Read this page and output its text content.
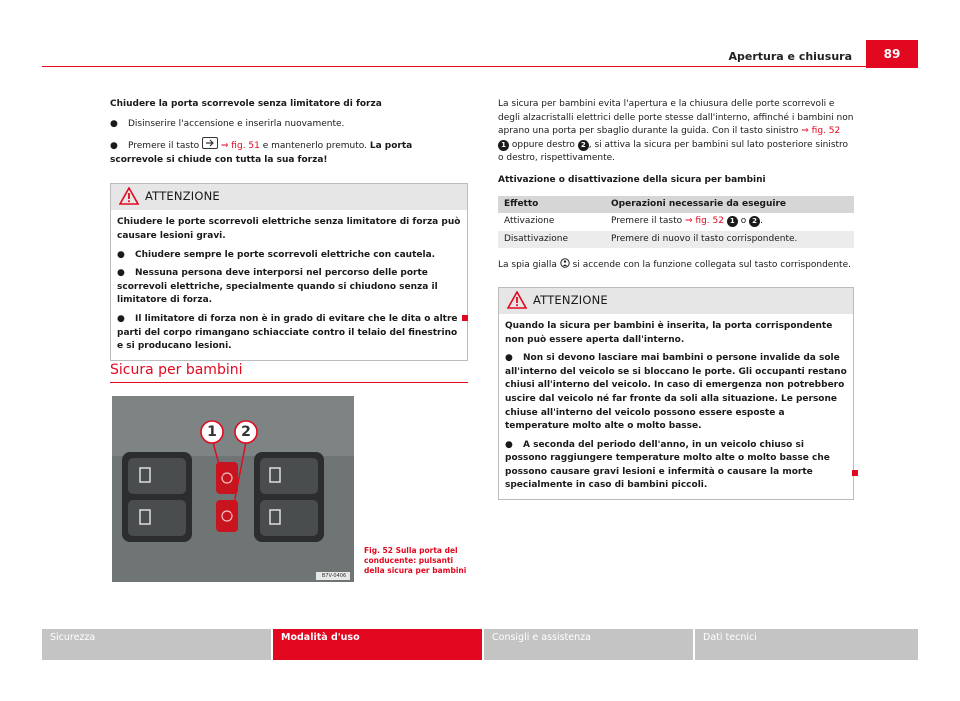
Apertura e chiusura	89

Chiudere la porta scorrevole senza limitatore di forza

● Disinserire l'accensione e inserirla nuovamente.

● Premere il tasto ⇒ fig. 51 e mantenerlo premuto. La porta scorrevole si chiude con tutta la sua forza!

ATTENZIONE

Chiudere le porte scorrevoli elettriche senza limitatore di forza può causare lesioni gravi.

● Chiudere sempre le porte scorrevoli elettriche con cautela.

● Nessuna persona deve interporsi nel percorso delle porte scorrevoli elettriche, specialmente quando si chiudono senza il limitatore di forza.

● Il limitatore di forza non è in grado di evitare che le dita o altre parti del corpo rimangano schiacciate contro il telaio del finestrino e si producano lesioni.

Sicura per bambini
1 2
B7V-0406
Fig. 52 Sulla porta del conducente: pulsanti della sicura per bambini

La sicura per bambini evita l'apertura e la chiusura delle porte scorrevoli e degli alzacristalli elettrici delle porte stesse dall'interno, affinché i bambini non aprano una porta per sbaglio durante la guida. Con il tasto sinistro ⇒ fig. 52 1 oppure destro 2 , si attiva la sicura per bambini sul lato posteriore sinistro o destro, rispettivamente.

Attivazione o disattivazione della sicura per bambini

Effetto	Operazioni necessarie da eseguire
Attivazione	Premere il tasto ⇒ fig. 52 1 o 2 .
Disattivazione	Premere di nuovo il tasto corrispondente.

La spia gialla  si accende con la funzione collegata sul tasto corrispondente.

ATTENZIONE

Quando la sicura per bambini è inserita, la porta corrispondente non può essere aperta dall'interno.

● Non si devono lasciare mai bambini o persone invalide da sole all'interno del veicolo se si bloccano le porte. Gli occupanti restano chiusi all'interno del veicolo. In caso di emergenza non potrebbero uscire dal veicolo né far fronte da soli alla situazione. Le persone chiuse all'interno del veicolo possono essere esposte a temperature molto alte o molto basse.

● A seconda del periodo dell'anno, in un veicolo chiuso si possono raggiungere temperature molto alte o molto basse che possono causare gravi lesioni e infermità o causare la morte specialmente in caso di bambini piccoli.

Sicurezza	Modalità d'uso	Consigli e assistenza	Dati tecnici
